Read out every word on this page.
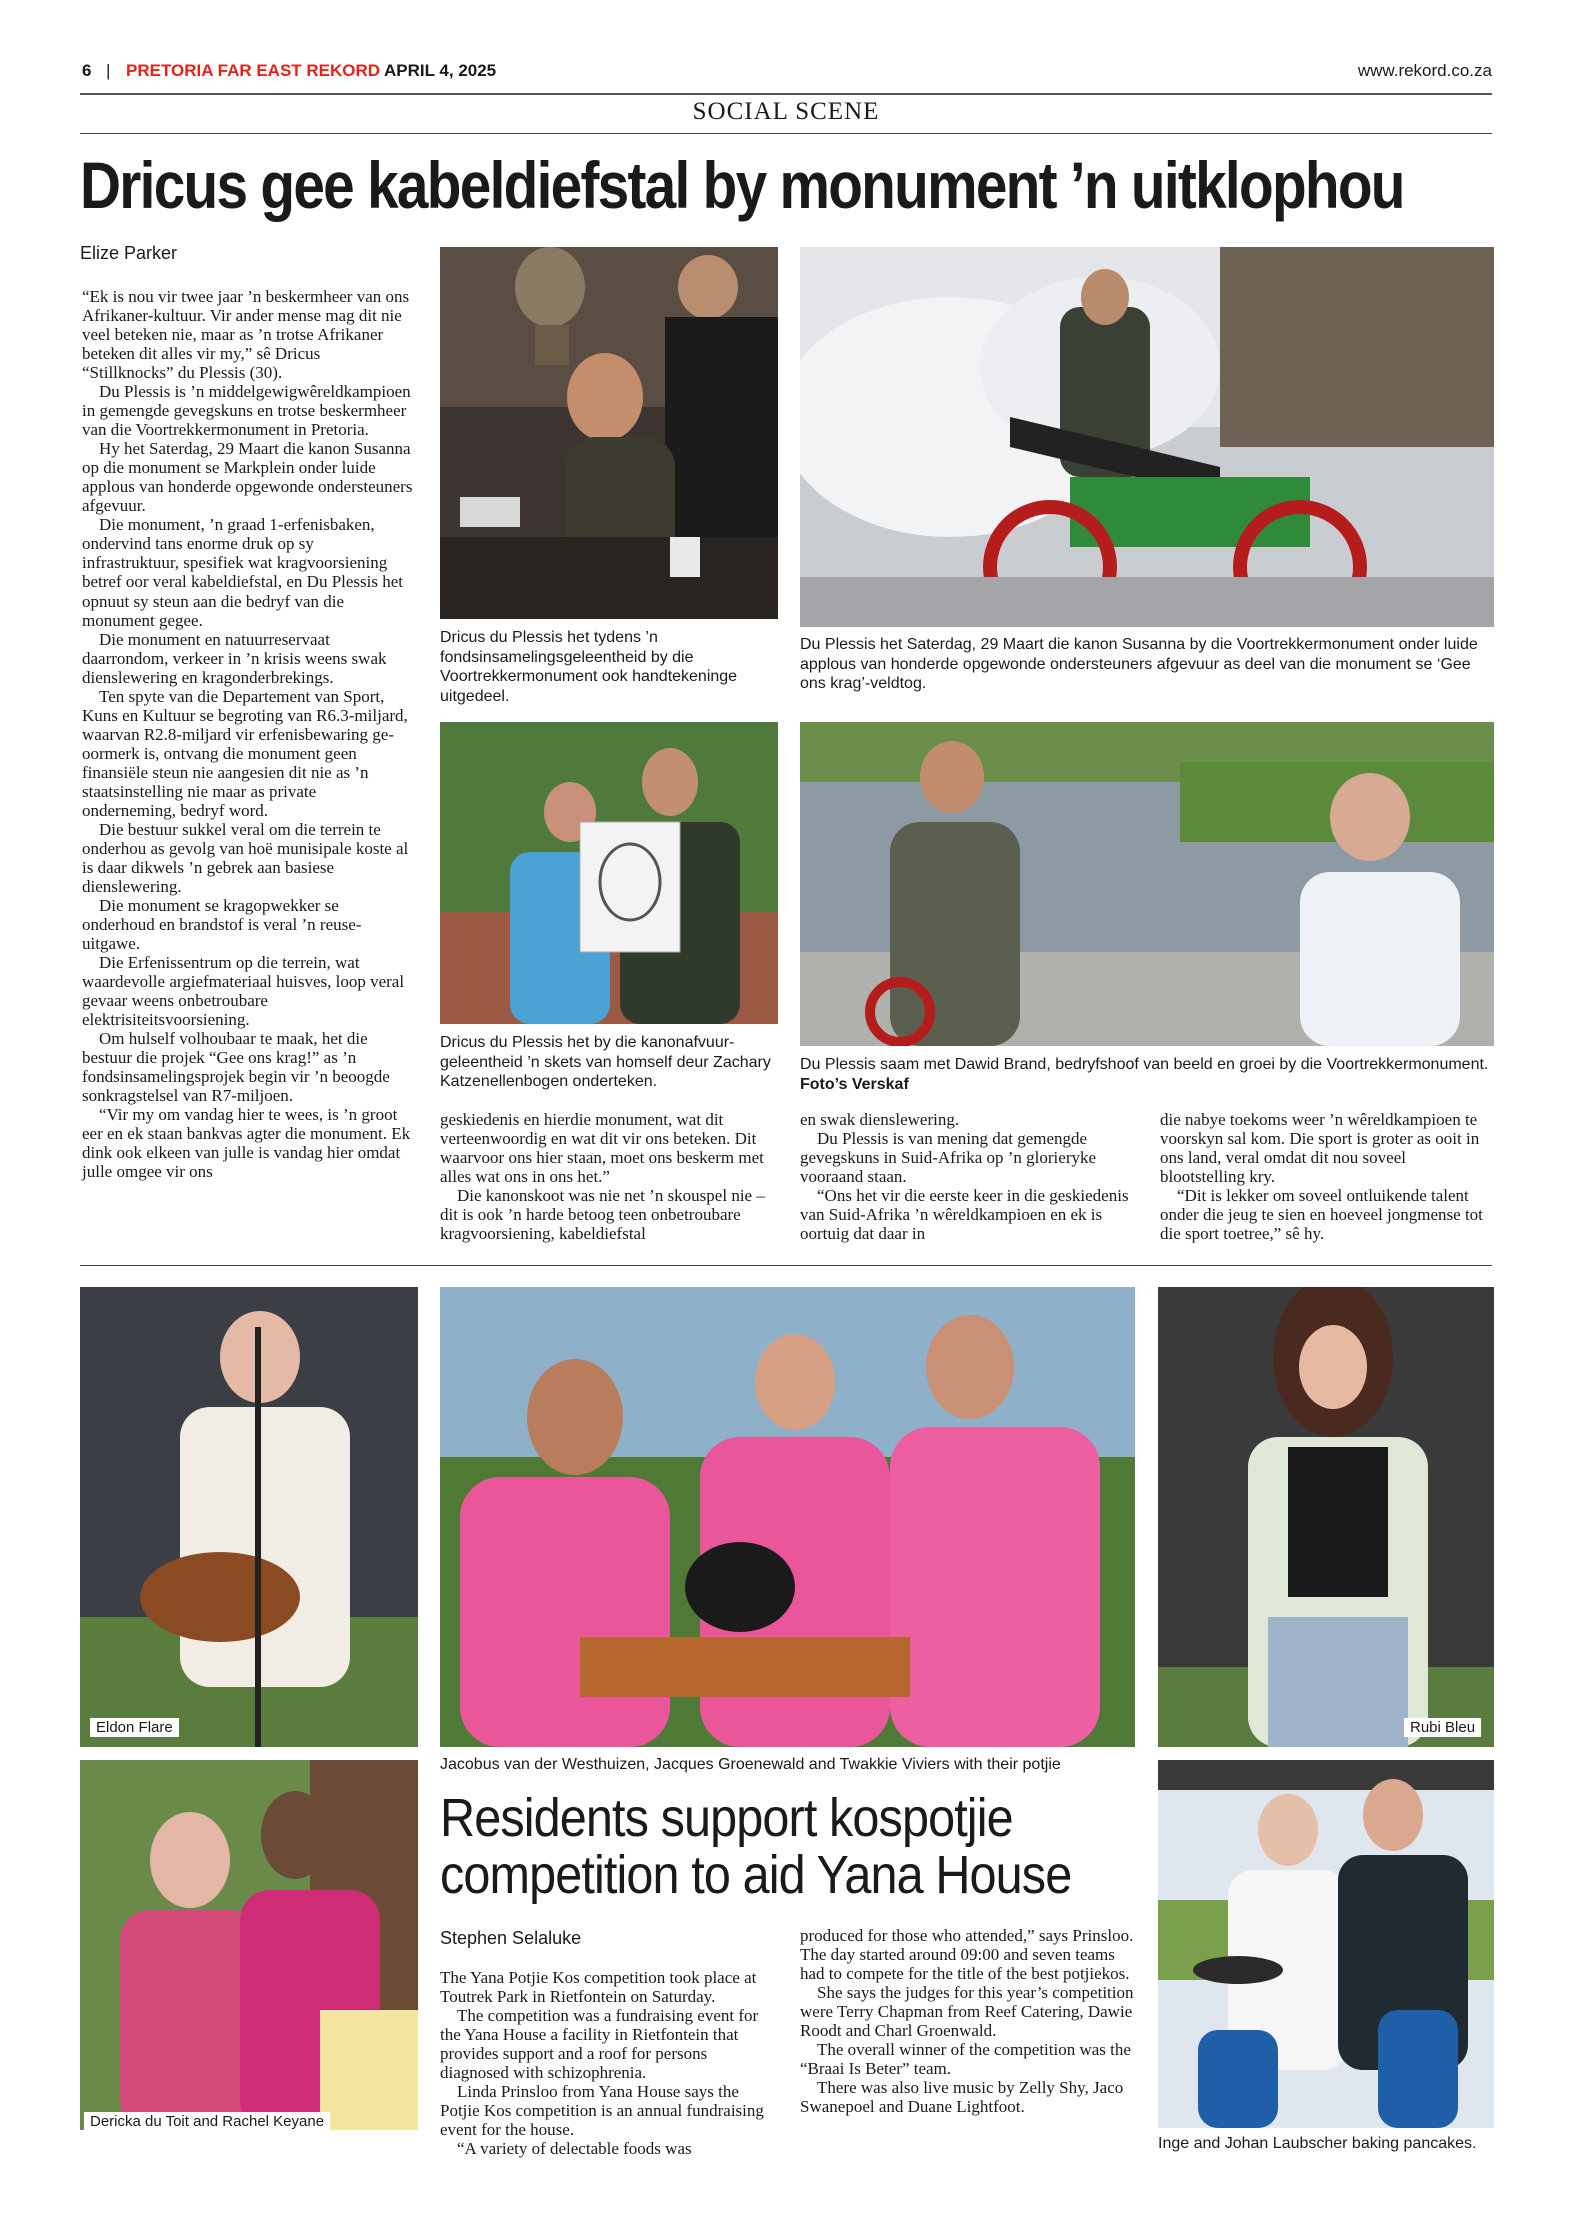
6 | PRETORIA FAR EAST REKORD APRIL 4, 2025	www.rekord.co.za
SOCIAL SCENE
Dricus gee kabeldiefstal by monument ’n uitklophou
Elize Parker

“Ek is nou vir twee jaar ’n beskermheer van ons Afrikaner-kultuur. Vir ander mense mag dit nie veel beteken nie, maar as ’n trotse Afrikaner beteken dit alles vir my,” sê Dricus “Stillknocks” du Plessis (30).

Du Plessis is ’n middelgewigwêreldkampioen in gemengde gevegskuns en trotse beskermheer van die Voortrekkermonument in Pretoria.

Hy het Saterdag, 29 Maart die kanon Susanna op die monument se Markplein onder luide applous van honderde opgewonde ondersteuners afgevuur.

Die monument, ’n graad 1-erfenisbaken, ondervind tans enorme druk op sy infrastruktuur, spesifiek wat kragvoorsiening betref oor veral kabeldiefstal, en Du Plessis het opnuut sy steun aan die bedryf van die monument gegee.

Die monument en natuurreservaat daarrondom, verkeer in ’n krisis weens swak dienslewering en kragonderbrekings.

Ten spyte van die Departement van Sport, Kuns en Kultuur se begroting van R6.3-miljard, waarvan R2.8-miljard vir erfenisbewaring ge-oormerk is, ontvang die monument geen finansiële steun nie aangesien dit nie as ’n staatsinstelling nie maar as private onderneming, bedryf word.

Die bestuur sukkel veral om die terrein te onderhou as gevolg van hoë munisipale koste al is daar dikwels ’n gebrek aan basiese dienslewering.

Die monument se kragopwekker se onderhoud en brandstof is veral ’n reuse-uitgawe.

Die Erfenissentrum op die terrein, wat waardevolle argiefmateriaal huisves, loop veral gevaar weens onbetroubare elektrisiteitsvoorsiening.

Om hulself volhoubaar te maak, het die bestuur die projek “Gee ons krag!” as ’n fondsinsamelingsprojek begin vir ’n beoogde sonkragstelsel van R7-miljoen.

“Vir my om vandag hier te wees, is ’n groot eer en ek staan bankvas agter die monument. Ek dink ook elkeen van julle is vandag hier omdat julle omgee vir ons

Dricus du Plessis het tydens ’n fondsinsamelingsgeleentheid by die Voortrekkermonument ook handtekeninge uitgedeel.
Du Plessis het Saterdag, 29 Maart die kanon Susanna by die Voortrekkermonument onder luide applous van honderde opgewonde ondersteuners afgevuur as deel van die monument se ‘Gee ons krag’-veldtog.
Dricus du Plessis het by die kanonafvuur-geleentheid ’n skets van homself deur Zachary Katzenellenbogen onderteken.
Du Plessis saam met Dawid Brand, bedryfshoof van beeld en groei by die Voortrekkermonument. Foto’s Verskaf

geskiedenis en hierdie monument, wat dit verteenwoordig en wat dit vir ons beteken. Dit waarvoor ons hier staan, moet ons beskerm met alles wat ons in ons het.”

Die kanonskoot was nie net ’n skouspel nie – dit is ook ’n harde betoog teen onbetroubare kragvoorsiening, kabeldiefstal

en swak dienslewering.

Du Plessis is van mening dat gemengde gevegskuns in Suid-Afrika op ’n glorieryke vooraand staan.

“Ons het vir die eerste keer in die geskiedenis van Suid-Afrika ’n wêreldkampioen en ek is oortuig dat daar in

die nabye toekoms weer ’n wêreldkampioen te voorskyn sal kom. Die sport is groter as ooit in ons land, veral omdat dit nou soveel blootstelling kry.

“Dit is lekker om soveel ontluikende talent onder die jeug te sien en hoeveel jongmense tot die sport toetree,” sê hy.

Eldon Flare
Jacobus van der Westhuizen, Jacques Groenewald and Twakkie Viviers with their potjie
Rubi Bleu
Dericka du Toit and Rachel Keyane
Residents support kospotjie
competition to aid Yana House
Stephen Selaluke

The Yana Potjie Kos competition took place at Toutrek Park in Rietfontein on Saturday.

The competition was a fundraising event for the Yana House a facility in Rietfontein that provides support and a roof for persons diagnosed with schizophrenia.

Linda Prinsloo from Yana House says the Potjie Kos competition is an annual fundraising event for the house.

“A variety of delectable foods was

produced for those who attended,” says Prinsloo. The day started around 09:00 and seven teams had to compete for the title of the best potjiekos.

She says the judges for this year’s competition were Terry Chapman from Reef Catering, Dawie Roodt and Charl Groenwald.

The overall winner of the competition was the “Braai Is Beter” team.

There was also live music by Zelly Shy, Jaco Swanepoel and Duane Lightfoot.

Inge and Johan Laubscher baking pancakes.
